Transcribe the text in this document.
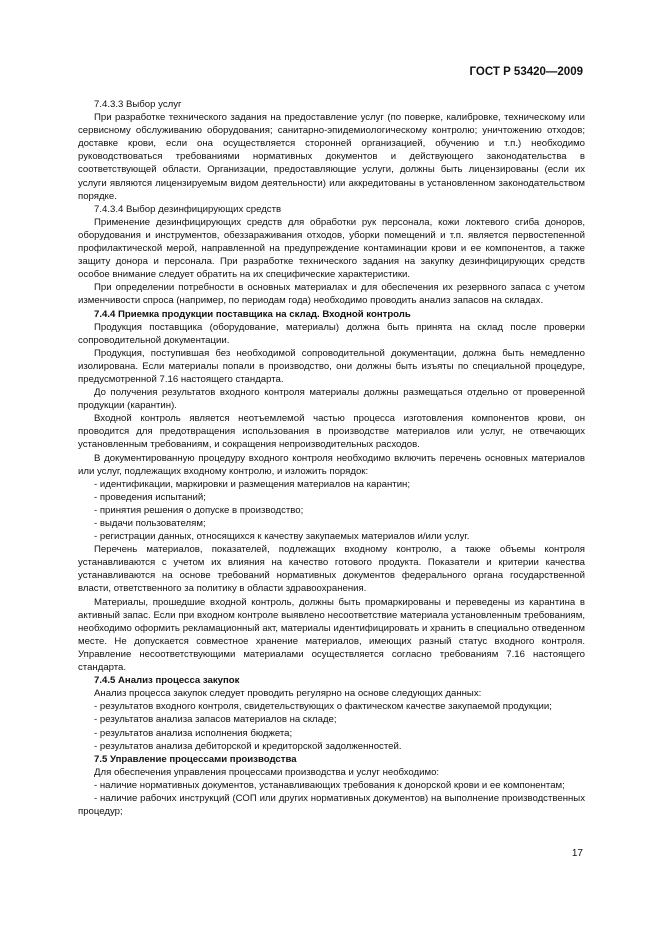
ГОСТ Р 53420—2009

7.4.3.3 Выбор услуг

При разработке технического задания на предоставление услуг (по поверке, калибровке, техническому или сервисному обслуживанию оборудования; санитарно-эпидемиологическому контролю; уничтожению отходов; доставке крови, если она осуществляется сторонней организацией, обучению и т.п.) необходимо руководствоваться требованиями нормативных документов и действующего законодательства в соответствующей области. Организации, предоставляющие услуги, должны быть лицензированы (если их услуги являются лицензируемым видом деятельности) или аккредитованы в установленном законодательством порядке.

7.4.3.4 Выбор дезинфицирующих средств

Применение дезинфицирующих средств для обработки рук персонала, кожи локтевого сгиба доноров, оборудования и инструментов, обеззараживания отходов, уборки помещений и т.п. является первостепенной профилактической мерой, направленной на предупреждение контаминации крови и ее компонентов, а также защиту донора и персонала. При разработке технического задания на закупку дезинфицирующих средств особое внимание следует обратить на их специфические характеристики.

При определении потребности в основных материалах и для обеспечения их резервного запаса с учетом изменчивости спроса (например, по периодам года) необходимо проводить анализ запасов на складах.

7.4.4 Приемка продукции поставщика на склад. Входной контроль

Продукция поставщика (оборудование, материалы) должна быть принята на склад после проверки сопроводительной документации.

Продукция, поступившая без необходимой сопроводительной документации, должна быть немедленно изолирована. Если материалы попали в производство, они должны быть изъяты по специальной процедуре, предусмотренной 7.16 настоящего стандарта.

До получения результатов входного контроля материалы должны размещаться отдельно от проверенной продукции (карантин).

Входной контроль является неотъемлемой частью процесса изготовления компонентов крови, он проводится для предотвращения использования в производстве материалов или услуг, не отвечающих установленным требованиям, и сокращения непроизводительных расходов.

В документированную процедуру входного контроля необходимо включить перечень основных материалов или услуг, подлежащих входному контролю, и изложить порядок:

- идентификации, маркировки и размещения материалов на карантин;

- проведения испытаний;

- принятия решения о допуске в производство;

- выдачи пользователям;

- регистрации данных, относящихся к качеству закупаемых материалов и/или услуг.

Перечень материалов, показателей, подлежащих входному контролю, а также объемы контроля устанавливаются с учетом их влияния на качество готового продукта. Показатели и критерии качества устанавливаются на основе требований нормативных документов федерального органа государственной власти, ответственного за политику в области здравоохранения.

Материалы, прошедшие входной контроль, должны быть промаркированы и переведены из карантина в активный запас. Если при входном контроле выявлено несоответствие материала установленным требованиям, необходимо оформить рекламационный акт, материалы идентифицировать и хранить в специально отведенном месте. Не допускается совместное хранение материалов, имеющих разный статус входного контроля. Управление несоответствующими материалами осуществляется согласно требованиям 7.16 настоящего стандарта.

7.4.5 Анализ процесса закупок

Анализ процесса закупок следует проводить регулярно на основе следующих данных:

- результатов входного контроля, свидетельствующих о фактическом качестве закупаемой продукции;

- результатов анализа запасов материалов на складе;

- результатов анализа исполнения бюджета;

- результатов анализа дебиторской и кредиторской задолженностей.

7.5 Управление процессами производства

Для обеспечения управления процессами производства и услуг необходимо:

- наличие нормативных документов, устанавливающих требования к донорской крови и ее компонентам;

- наличие рабочих инструкций (СОП или других нормативных документов) на выполнение производственных процедур;

17
